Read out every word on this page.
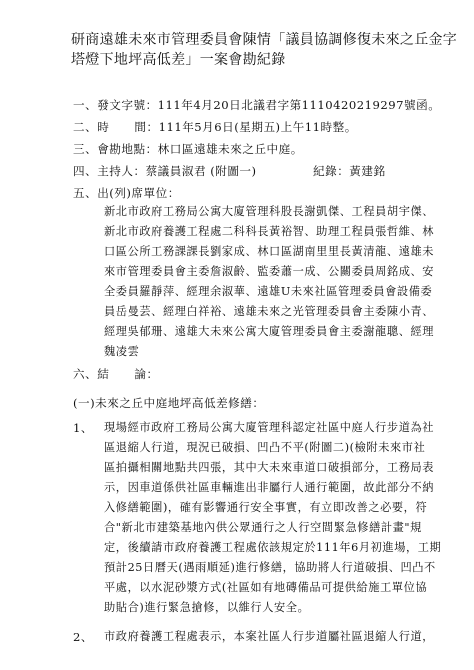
研商遠雄未來市管理委員會陳情「議員協調修復未來之丘金字
塔燈下地坪高低差」一案會勘紀錄
一、發文字號：111年4月20日北議君字第1110420219297號函。
二、時      間：111年5月6日(星期五)上午11時整。
三、會勘地點：林口區遠雄未來之丘中庭。
四、主持人：蔡議員淑君 (附圖一)	紀錄：黃建銘
五、出(列)席單位：
新北市政府工務局公寓大廈管理科股長謝凱傑、工程員胡宇傑、
新北市政府養護工程處二科科長黃裕智、助理工程員張哲維、林
口區公所工務課課長劉家成、林口區湖南里里長黃清龍、遠雄未
來市管理委員會主委詹淑齡、監委蕭一成、公關委員周銘成、安
全委員羅靜萍、經理余淑華、遠雄U未來社區管理委員會設備委
員岳曼芸、經理白祥裕、遠雄未來之光管理委員會主委陳小青、
經理吳郁珊、遠雄大未來公寓大廈管理委員會主委謝龍聰、經理
魏凌雲
六、結      論：
(一)未來之丘中庭地坪高低差修繕：
1、 現場經市政府工務局公寓大廈管理科認定社區中庭人行步道為社
區退縮人行道，現況已破損、凹凸不平(附圖二)(檢附未來市社
區拍攝相關地點共四張，其中大未來車道口破損部分，工務局表
示，因車道係供社區車輛進出非屬行人通行範圍，故此部分不納
入修繕範圍)，確有影響通行安全事實，有立即改善之必要，符
合"新北市建築基地內供公眾通行之人行空間緊急修繕計畫"規
定，後續請市政府養護工程處依該規定於111年6月初進場，工期
預計25日曆天(遇雨順延)進行修繕，協助將人行道破損、凹凸不
平處，以水泥砂漿方式(社區如有地磚備品可提供給施工單位協
助貼合)進行緊急搶修，以維行人安全。
2、 市政府養護工程處表示，本案社區人行步道屬社區退縮人行道，
